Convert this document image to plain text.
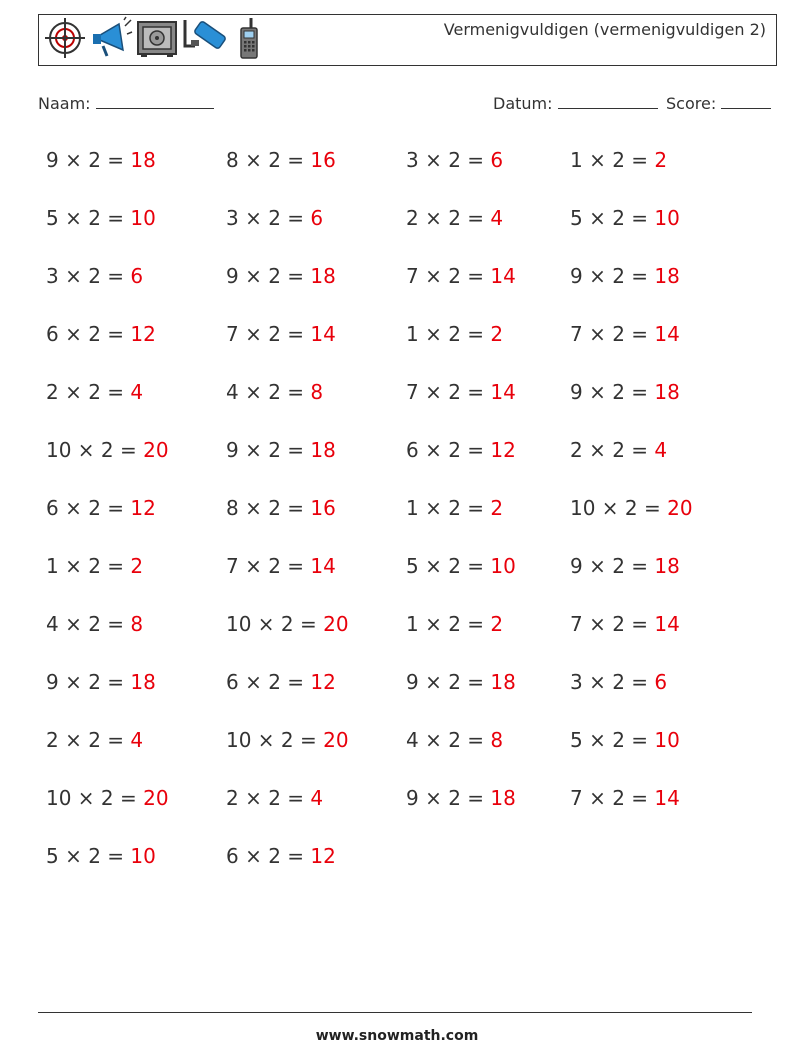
Vermenigvuldigen (vermenigvuldigen 2)
Naam:	Datum:	Score:
9 × 2 = 18	8 × 2 = 16	3 × 2 = 6	1 × 2 = 2
5 × 2 = 10	3 × 2 = 6	2 × 2 = 4	5 × 2 = 10
3 × 2 = 6	9 × 2 = 18	7 × 2 = 14	9 × 2 = 18
6 × 2 = 12	7 × 2 = 14	1 × 2 = 2	7 × 2 = 14
2 × 2 = 4	4 × 2 = 8	7 × 2 = 14	9 × 2 = 18
10 × 2 = 20	9 × 2 = 18	6 × 2 = 12	2 × 2 = 4
6 × 2 = 12	8 × 2 = 16	1 × 2 = 2	10 × 2 = 20
1 × 2 = 2	7 × 2 = 14	5 × 2 = 10	9 × 2 = 18
4 × 2 = 8	10 × 2 = 20	1 × 2 = 2	7 × 2 = 14
9 × 2 = 18	6 × 2 = 12	9 × 2 = 18	3 × 2 = 6
2 × 2 = 4	10 × 2 = 20	4 × 2 = 8	5 × 2 = 10
10 × 2 = 20	2 × 2 = 4	9 × 2 = 18	7 × 2 = 14
5 × 2 = 10	6 × 2 = 12
www.snowmath.com
